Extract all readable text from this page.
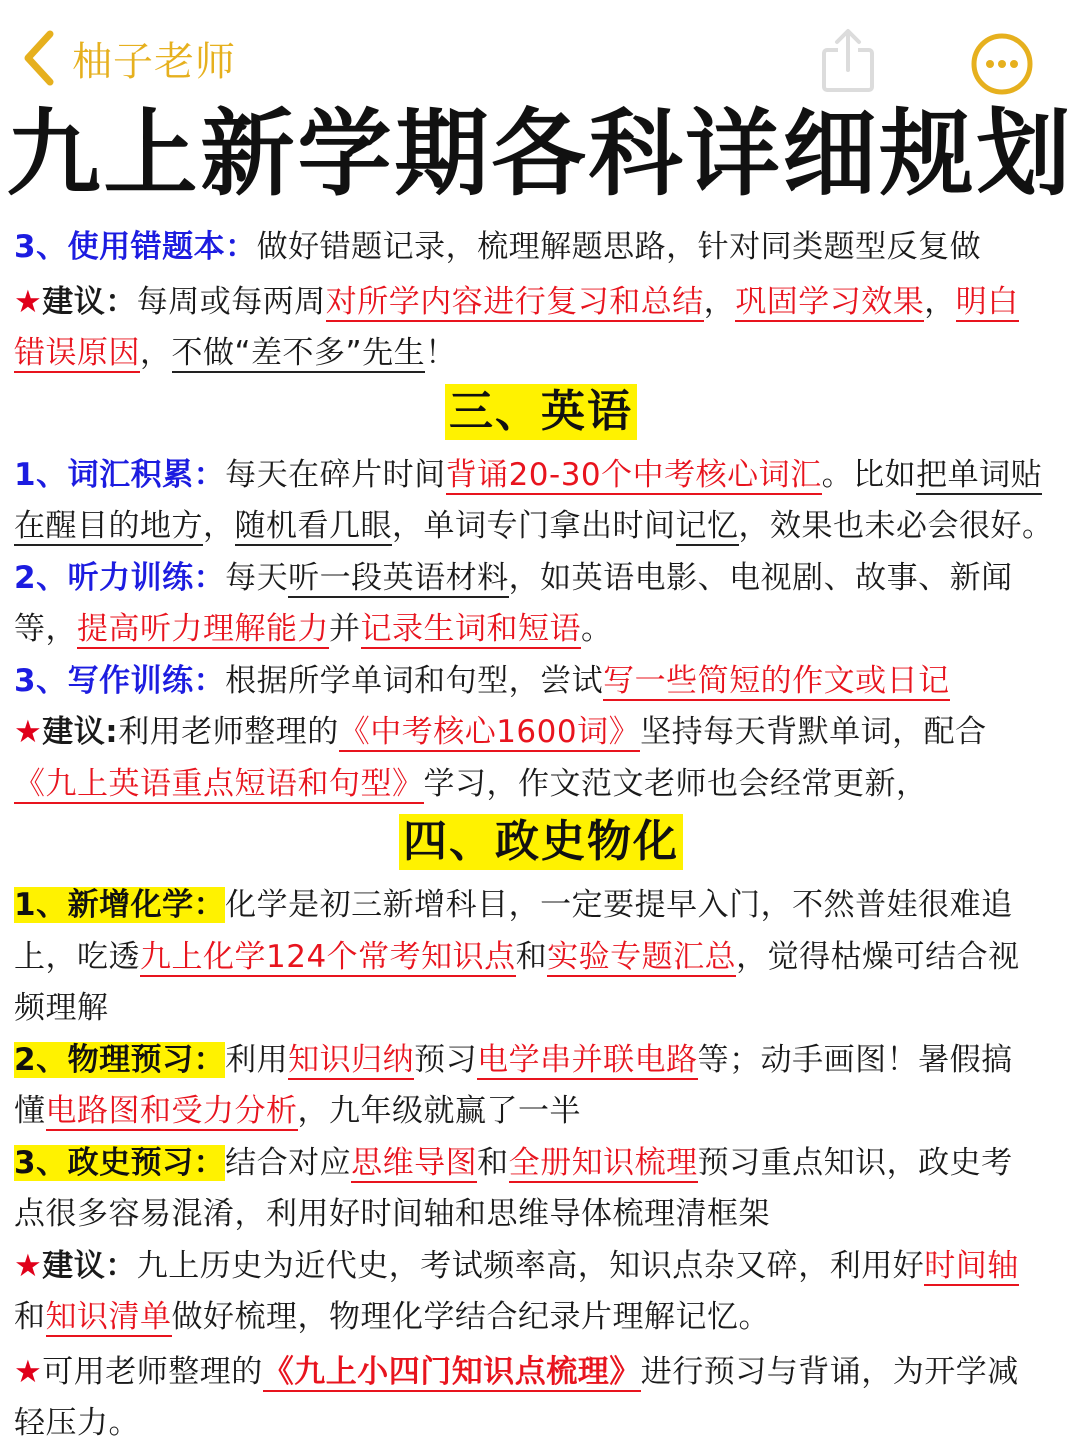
柚子老师
九上新学期各科详细规划
3、使用错题本：做好错题记录，梳理解题思路，针对同类题型反复做
★建议：每周或每两周对所学内容进行复习和总结，巩固学习效果，明白
错误原因，不做“差不多”先生！
三、英语
1、词汇积累：每天在碎片时间背诵20-30个中考核心词汇。比如把单词贴
在醒目的地方，随机看几眼，单词专门拿出时间记忆，效果也未必会很好。
2、听力训练：每天听一段英语材料，如英语电影、电视剧、故事、新闻
等，提高听力理解能力并记录生词和短语。
3、写作训练：根据所学单词和句型，尝试写一些简短的作文或日记
★建议:利用老师整理的《中考核心1600词》坚持每天背默单词，配合
《九上英语重点短语和句型》学习，作文范文老师也会经常更新，
四、政史物化
1、新增化学：化学是初三新增科目，一定要提早入门，不然普娃很难追
上，吃透九上化学124个常考知识点和实验专题汇总，觉得枯燥可结合视
频理解
2、物理预习：利用知识归纳预习电学串并联电路等；动手画图！暑假搞
懂电路图和受力分析，九年级就赢了一半
3、政史预习：结合对应思维导图和全册知识梳理预习重点知识，政史考
点很多容易混淆，利用好时间轴和思维导体梳理清框架
★建议：九上历史为近代史，考试频率高，知识点杂又碎，利用好时间轴
和知识清单做好梳理，物理化学结合纪录片理解记忆。
★可用老师整理的《九上小四门知识点梳理》进行预习与背诵，为开学减
轻压力。
